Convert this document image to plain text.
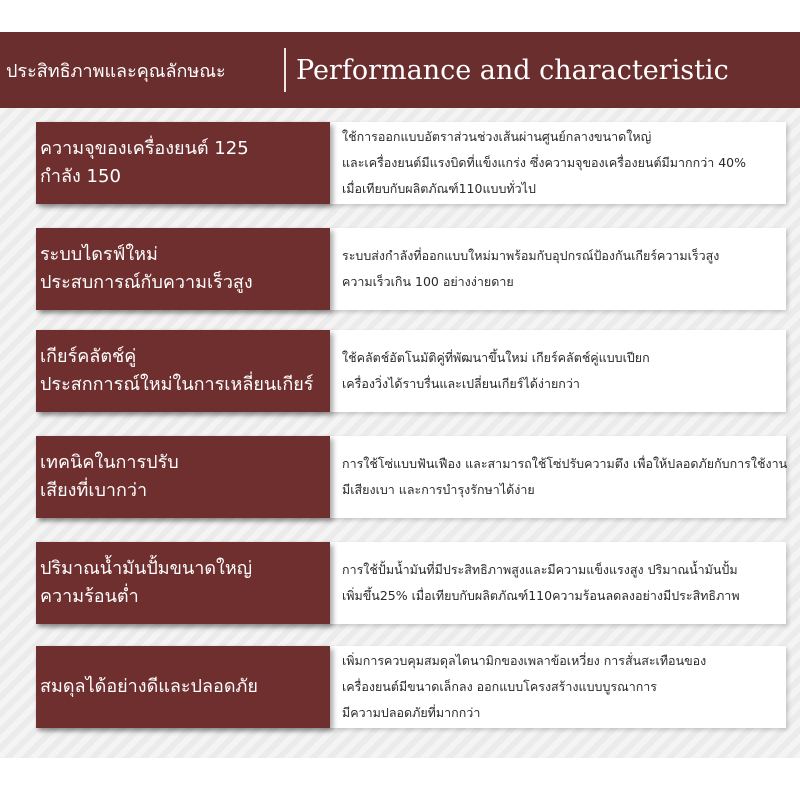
ประสิทธิภาพและคุณลักษณะ	Performance and characteristic
ความจุของเครื่องยนต์ 125
กำลัง 150
ใช้การออกแบบอัตราส่วนช่วงเส้นผ่านศูนย์กลางขนาดใหญ่
และเครื่องยนต์มีแรงบิดที่แข็งแกร่ง ซึ่งความจุของเครื่องยนต์มีมากกว่า 40%
เมื่อเทียบกับผลิตภัณฑ์110แบบทั่วไป
ระบบไดรฟ์ใหม่
ประสบการณ์กับความเร็วสูง
ระบบส่งกำลังที่ออกแบบใหม่มาพร้อมกับอุปกรณ์ป้องกันเกียร์ความเร็วสูง
ความเร็วเกิน 100 อย่างง่ายดาย
เกียร์คลัตช์คู่
ประสกการณ์ใหม่ในการเหลี่ยนเกียร์
ใช้คลัตช์อัตโนมัติคู่ที่พัฒนาขึ้นใหม่ เกียร์คลัตช์คู่แบบเปียก
เครื่องวิ่งได้ราบรื่นและเปลี่ยนเกียร์ได้ง่ายกว่า
เทคนิคในการปรับ
เสียงที่เบากว่า
การใช้โซ่แบบฟันเฟือง และสามารถใช้โซ่ปรับความตึง เพื่อให้ปลอดภัยกับการใช้งาน
มีเสียงเบา และการบำรุงรักษาได้ง่าย
ปริมาณน้ำมันปั้มขนาดใหญ่
ความร้อนต่ำ
การใช้ปั้มน้ำมันที่มีประสิทธิภาพสูงและมีความแข็งแรงสูง ปริมาณน้ำมันปั้ม
เพิ่มขึ้น25% เมื่อเทียบกับผลิตภัณฑ์110ความร้อนลดลงอย่างมีประสิทธิภาพ
สมดุลได้อย่างดีและปลอดภัย
เพิ่มการควบคุมสมดุลไดนามิกของเพลาข้อเหวี่ยง การสั่นสะเทือนของ
เครื่องยนต์มีขนาดเล็กลง ออกแบบโครงสร้างแบบบูรณาการ
มีความปลอดภัยที่มากกว่า
